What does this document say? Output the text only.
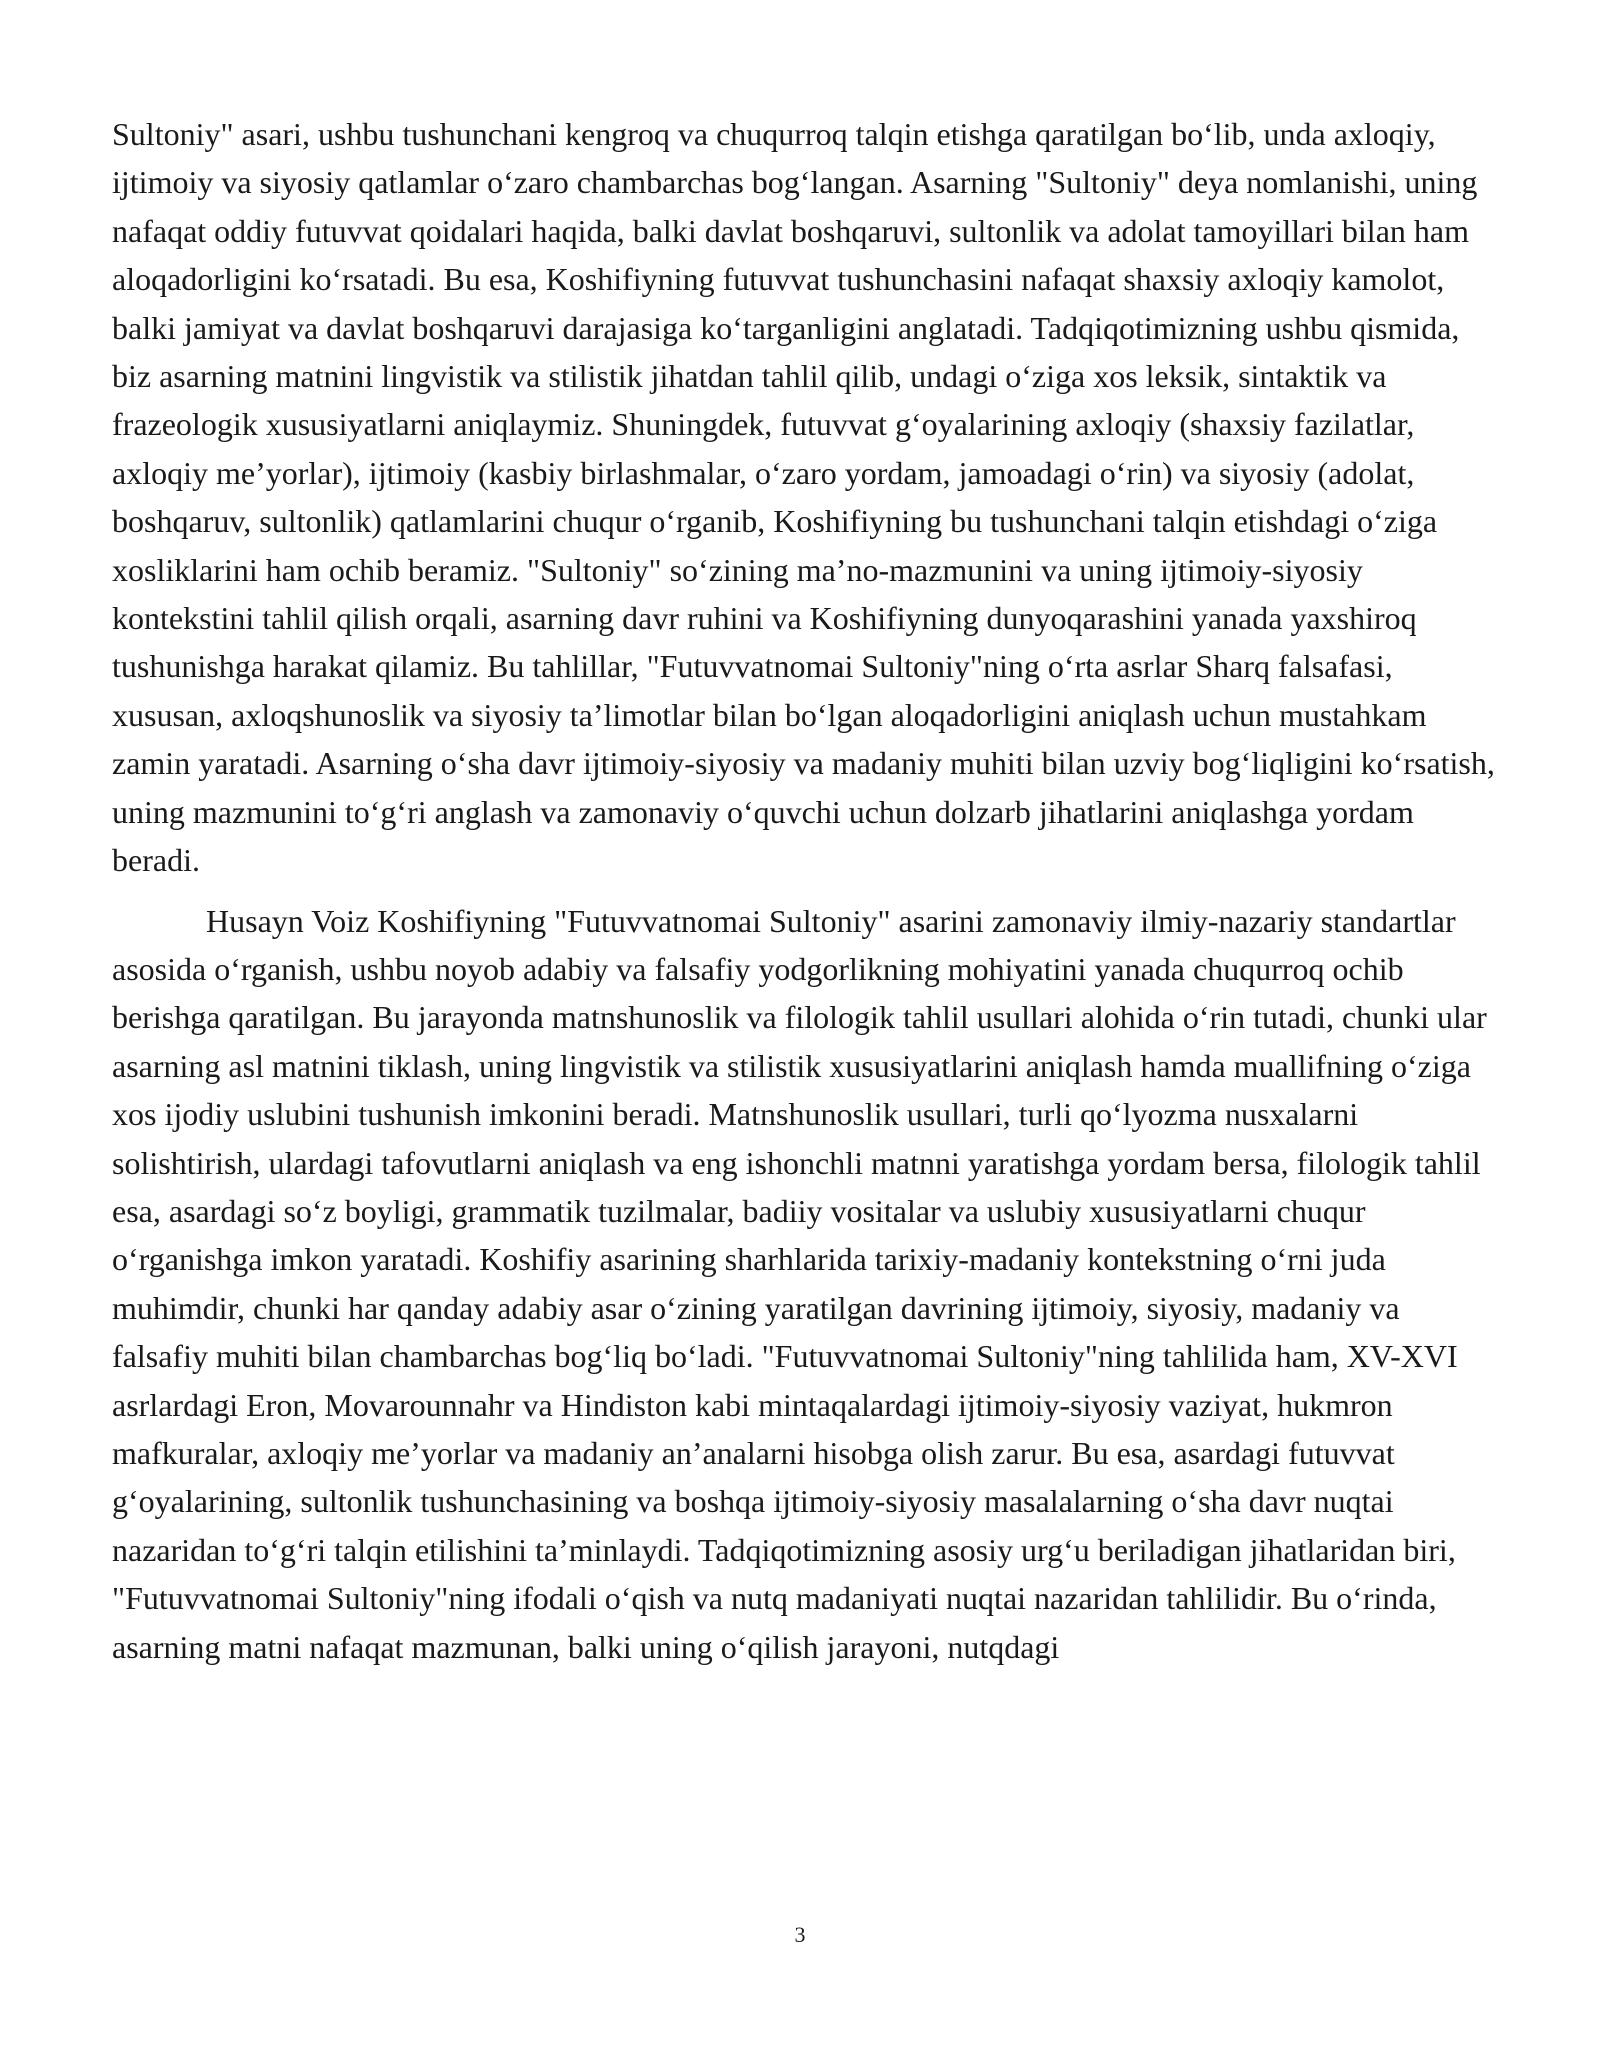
Sultoniy" asari, ushbu tushunchani kengroq va chuqurroq talqin etishga qaratilgan bo‘lib, unda axloqiy, ijtimoiy va siyosiy qatlamlar o‘zaro chambarchas bog‘langan. Asarning "Sultoniy" deya nomlanishi, uning nafaqat oddiy futuvvat qoidalari haqida, balki davlat boshqaruvi, sultonlik va adolat tamoyillari bilan ham aloqadorligini ko‘rsatadi. Bu esa, Koshifiyning futuvvat tushunchasini nafaqat shaxsiy axloqiy kamolot, balki jamiyat va davlat boshqaruvi darajasiga ko‘targanligini anglatadi. Tadqiqotimizning ushbu qismida, biz asarning matnini lingvistik va stilistik jihatdan tahlil qilib, undagi o‘ziga xos leksik, sintaktik va frazeologik xususiyatlarni aniqlaymiz. Shuningdek, futuvvat g‘oyalarining axloqiy (shaxsiy fazilatlar, axloqiy me’yorlar), ijtimoiy (kasbiy birlashmalar, o‘zaro yordam, jamoadagi o‘rin) va siyosiy (adolat, boshqaruv, sultonlik) qatlamlarini chuqur o‘rganib, Koshifiyning bu tushunchani talqin etishdagi o‘ziga xosliklarini ham ochib beramiz. "Sultoniy" so‘zining ma’no-mazmunini va uning ijtimoiy-siyosiy kontekstini tahlil qilish orqali, asarning davr ruhini va Koshifiyning dunyoqarashini yanada yaxshiroq tushunishga harakat qilamiz. Bu tahlillar, "Futuvvatnomai Sultoniy"ning o‘rta asrlar Sharq falsafasi, xususan, axloqshunoslik va siyosiy ta’limotlar bilan bo‘lgan aloqadorligini aniqlash uchun mustahkam zamin yaratadi. Asarning o‘sha davr ijtimoiy-siyosiy va madaniy muhiti bilan uzviy bog‘liqligini ko‘rsatish, uning mazmunini to‘g‘ri anglash va zamonaviy o‘quvchi uchun dolzarb jihatlarini aniqlashga yordam beradi.

Husayn Voiz Koshifiyning "Futuvvatnomai Sultoniy" asarini zamonaviy ilmiy-nazariy standartlar asosida o‘rganish, ushbu noyob adabiy va falsafiy yodgorlikning mohiyatini yanada chuqurroq ochib berishga qaratilgan. Bu jarayonda matnshunoslik va filologik tahlil usullari alohida o‘rin tutadi, chunki ular asarning asl matnini tiklash, uning lingvistik va stilistik xususiyatlarini aniqlash hamda muallifning o‘ziga xos ijodiy uslubini tushunish imkonini beradi. Matnshunoslik usullari, turli qo‘lyozma nusxalarni solishtirish, ulardagi tafovutlarni aniqlash va eng ishonchli matnni yaratishga yordam bersa, filologik tahlil esa, asardagi so‘z boyligi, grammatik tuzilmalar, badiiy vositalar va uslubiy xususiyatlarni chuqur o‘rganishga imkon yaratadi. Koshifiy asarining sharhlarida tarixiy-madaniy kontekstning o‘rni juda muhimdir, chunki har qanday adabiy asar o‘zining yaratilgan davrining ijtimoiy, siyosiy, madaniy va falsafiy muhiti bilan chambarchas bog‘liq bo‘ladi. "Futuvvatnomai Sultoniy"ning tahlilida ham, XV-XVI asrlardagi Eron, Movarounnahr va Hindiston kabi mintaqalardagi ijtimoiy-siyosiy vaziyat, hukmron mafkuralar, axloqiy me’yorlar va madaniy an’analarni hisobga olish zarur. Bu esa, asardagi futuvvat g‘oyalarining, sultonlik tushunchasining va boshqa ijtimoiy-siyosiy masalalarning o‘sha davr nuqtai nazaridan to‘g‘ri talqin etilishini ta’minlaydi. Tadqiqotimizning asosiy urg‘u beriladigan jihatlaridan biri, "Futuvvatnomai Sultoniy"ning ifodali o‘qish va nutq madaniyati nuqtai nazaridan tahlilidir. Bu o‘rinda, asarning matni nafaqat mazmunan, balki uning o‘qilish jarayoni, nutqdagi

3
